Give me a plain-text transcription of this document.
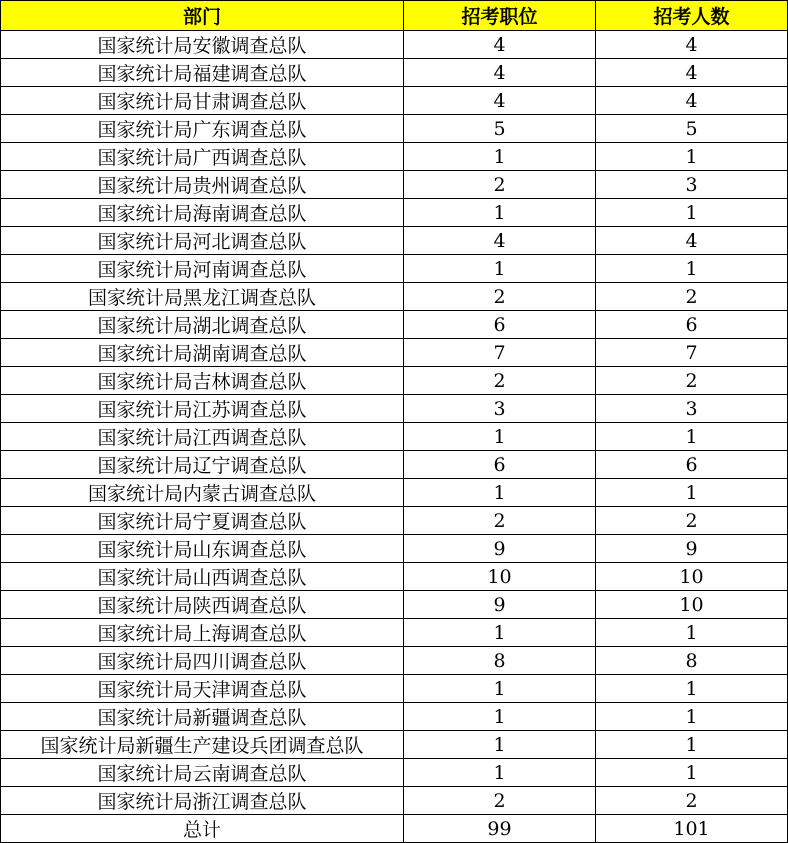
部门	招考职位	招考人数
国家统计局安徽调查总队	4	4
国家统计局福建调查总队	4	4
国家统计局甘肃调查总队	4	4
国家统计局广东调查总队	5	5
国家统计局广西调查总队	1	1
国家统计局贵州调查总队	2	3
国家统计局海南调查总队	1	1
国家统计局河北调查总队	4	4
国家统计局河南调查总队	1	1
国家统计局黑龙江调查总队	2	2
国家统计局湖北调查总队	6	6
国家统计局湖南调查总队	7	7
国家统计局吉林调查总队	2	2
国家统计局江苏调查总队	3	3
国家统计局江西调查总队	1	1
国家统计局辽宁调查总队	6	6
国家统计局内蒙古调查总队	1	1
国家统计局宁夏调查总队	2	2
国家统计局山东调查总队	9	9
国家统计局山西调查总队	10	10
国家统计局陕西调查总队	9	10
国家统计局上海调查总队	1	1
国家统计局四川调查总队	8	8
国家统计局天津调查总队	1	1
国家统计局新疆调查总队	1	1
国家统计局新疆生产建设兵团调查总队	1	1
国家统计局云南调查总队	1	1
国家统计局浙江调查总队	2	2
总计	99	101
